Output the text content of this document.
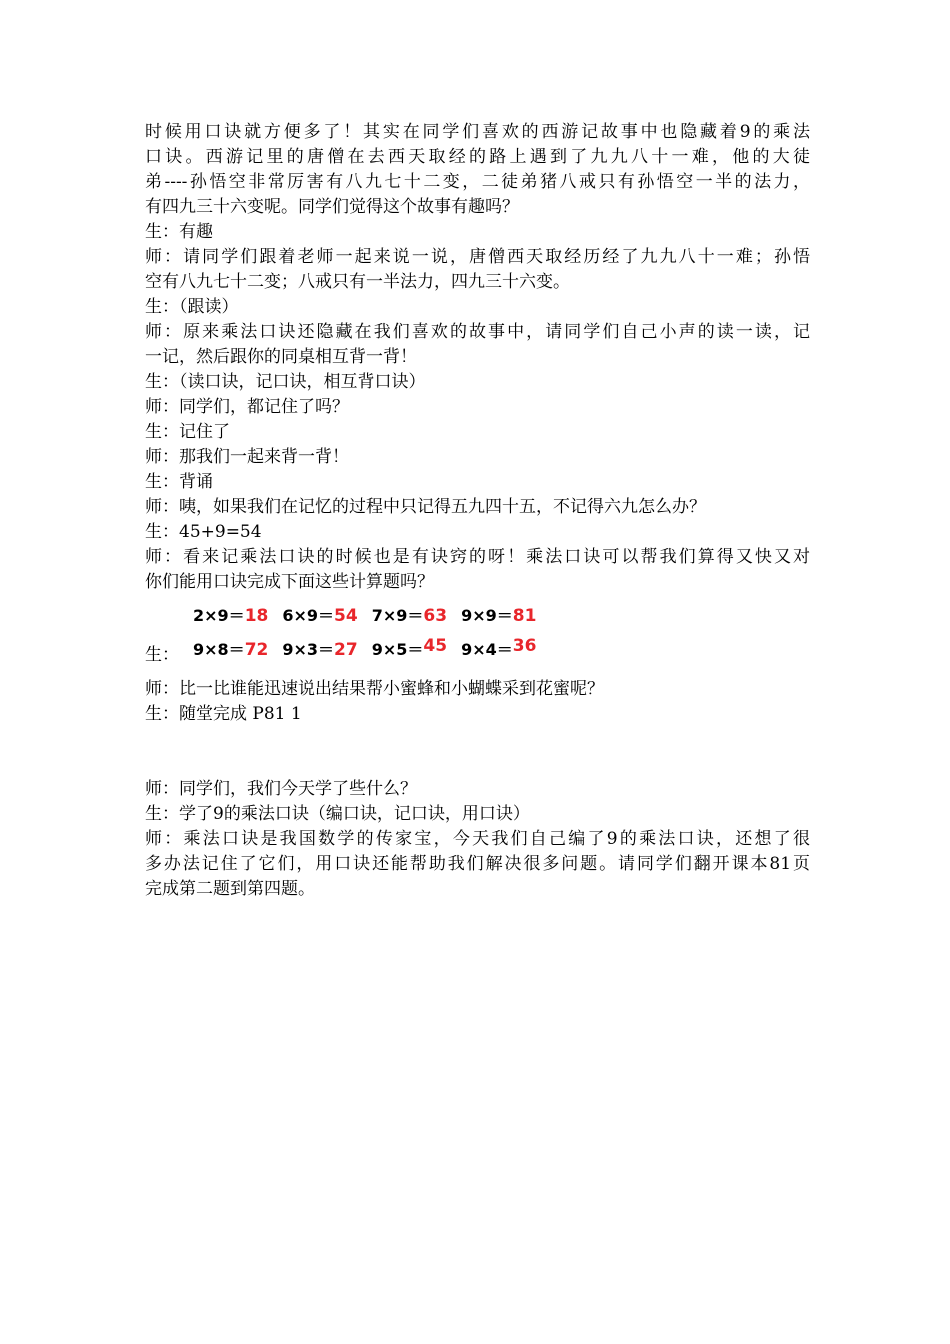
时候用口诀就方便多了！其实在同学们喜欢的西游记故事中也隐藏着9的乘法
口诀。西游记里的唐僧在去西天取经的路上遇到了九九八十一难，他的大徒
弟----孙悟空非常厉害有八九七十二变，二徒弟猪八戒只有孙悟空一半的法力，
有四九三十六变呢。同学们觉得这个故事有趣吗？
生：有趣
师：请同学们跟着老师一起来说一说，唐僧西天取经历经了九九八十一难；孙悟
空有八九七十二变；八戒只有一半法力，四九三十六变。
生：（跟读）
师：原来乘法口诀还隐藏在我们喜欢的故事中，请同学们自己小声的读一读，记
一记，然后跟你的同桌相互背一背！
生：（读口诀，记口诀，相互背口诀）
师：同学们，都记住了吗？
生：记住了
师：那我们一起来背一背！
生：背诵
师：咦，如果我们在记忆的过程中只记得五九四十五，不记得六九怎么办？
生：45+9=54
师：看来记乘法口诀的时候也是有诀窍的呀！乘法口诀可以帮我们算得又快又对
你们能用口诀完成下面这些计算题吗？
生：
2×9＝18 6×9＝54 7×9＝63 9×9＝81
9×8＝72 9×3＝27 9×5＝45 9×4＝36
师：比一比谁能迅速说出结果帮小蜜蜂和小蝴蝶采到花蜜呢？
生：随堂完成 P81 1
师：同学们，我们今天学了些什么？
生：学了9的乘法口诀（编口诀，记口诀，用口诀）
师：乘法口诀是我国数学的传家宝，今天我们自己编了9的乘法口诀，还想了很
多办法记住了它们，用口诀还能帮助我们解决很多问题。请同学们翻开课本81页
完成第二题到第四题。
